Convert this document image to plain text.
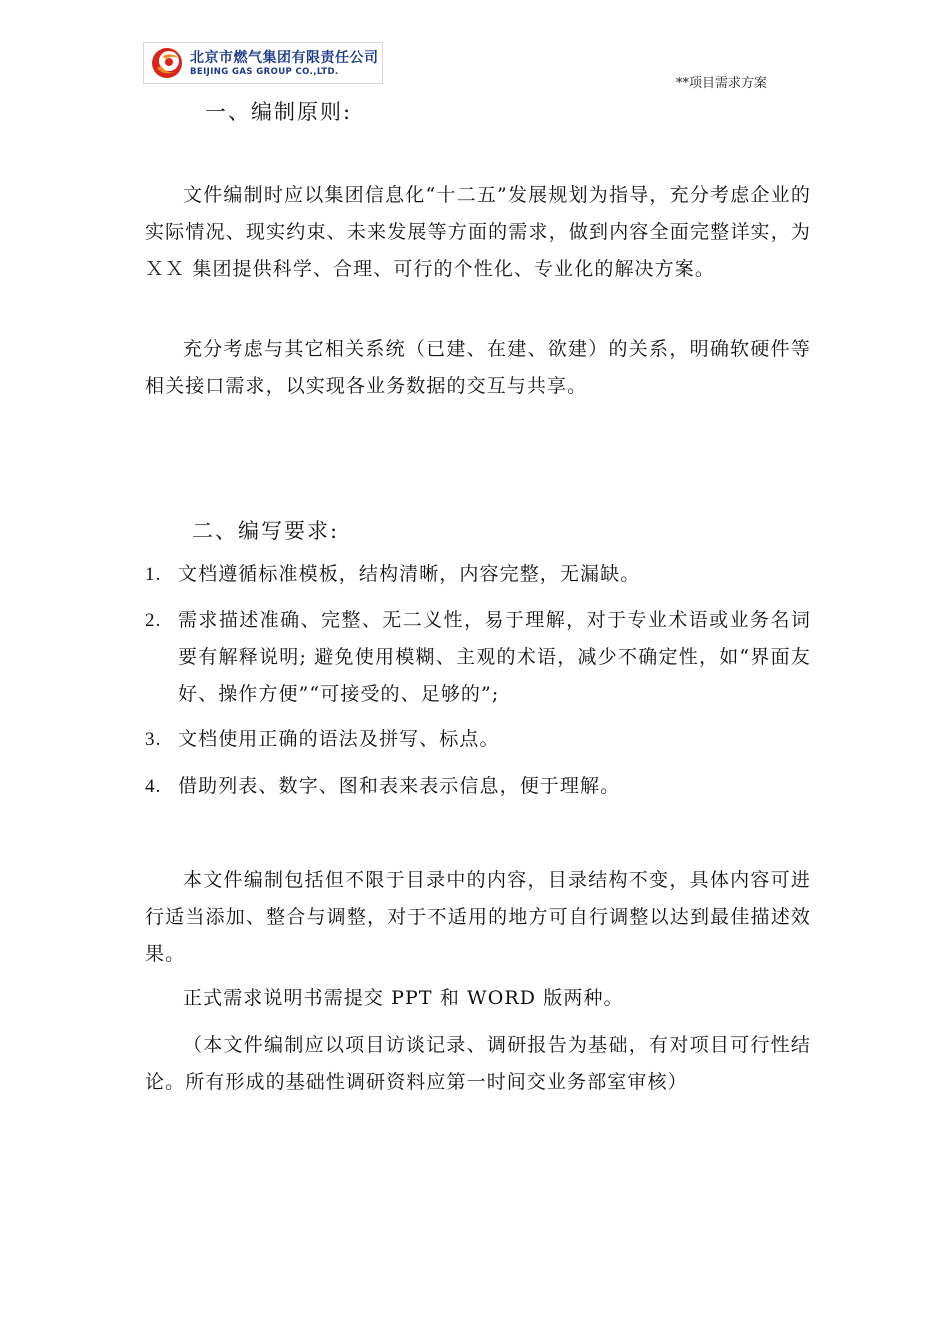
北京市燃气集团有限责任公司
BEIJING GAS GROUP CO.,LTD.
**项目需求方案
一、编制原则:
文件编制时应以集团信息化“十二五”发展规划为指导，充分考虑企业的实际情况、现实约束、未来发展等方面的需求，做到内容全面完整详实，为ＸＸ 集团提供科学、合理、可行的个性化、专业化的解决方案。
充分考虑与其它相关系统（已建、在建、欲建）的关系，明确软硬件等相关接口需求，以实现各业务数据的交互与共享。
二、编写要求:
1. 文档遵循标准模板，结构清晰，内容完整，无漏缺。
2. 需求描述准确、完整、无二义性，易于理解，对于专业术语或业务名词要有解释说明; 避免使用模糊、主观的术语，减少不确定性，如“界面友好、操作方便”“可接受的、足够的”;
3. 文档使用正确的语法及拼写、标点。
4. 借助列表、数字、图和表来表示信息，便于理解。
本文件编制包括但不限于目录中的内容，目录结构不变，具体内容可进行适当添加、整合与调整，对于不适用的地方可自行调整以达到最佳描述效果。
正式需求说明书需提交 PPT 和 WORD 版两种。
（本文件编制应以项目访谈记录、调研报告为基础，有对项目可行性结论。所有形成的基础性调研资料应第一时间交业务部室审核）
